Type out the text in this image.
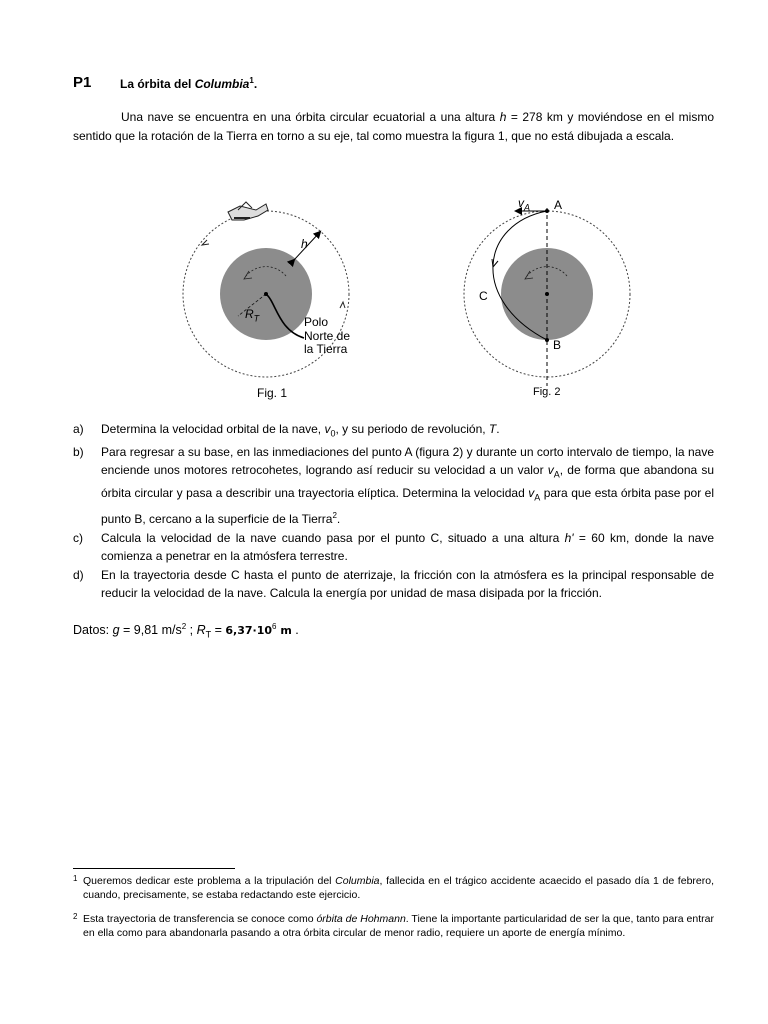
P1 La órbita del Columbia$^1$.
Una nave se encuentra en una órbita circular ecuatorial a una altura h = 278 km y moviéndose en el mismo sentido que la rotación de la Tierra en torno a su eje, tal como muestra la figura 1, que no está dibujada a escala.
h
$R_T$	Polo
Norte de
la Tierra
Fig. 1
$v_A$ A
C
B
Fig. 2
a) Determina la velocidad orbital de la nave, $v_0$, y su periodo de revolución, T.
b) Para regresar a su base, en las inmediaciones del punto A (figura 2) y durante un corto intervalo de tiempo, la nave enciende unos motores retrocohetes, logrando así reducir su velocidad a un valor $v_A$, de forma que abandona su órbita circular y pasa a describir una trayectoria elíptica. Determina la velocidad $v_A$ para que esta órbita pase por el punto B, cercano a la superficie de la Tierra$^2$.
c) Calcula la velocidad de la nave cuando pasa por el punto C, situado a una altura h' = 60 km, donde la nave comienza a penetrar en la atmósfera terrestre.
d) En la trayectoria desde C hasta el punto de aterrizaje, la fricción con la atmósfera es la principal responsable de reducir la velocidad de la nave. Calcula la energía por unidad de masa disipada por la fricción.
Datos: g = 9,81 $m/s^2$ ; $R_T = 6,37\cdot 10^6$ m .
1 Queremos dedicar este problema a la tripulación del Columbia, fallecida en el trágico accidente acaecido el pasado día 1 de febrero, cuando, precisamente, se estaba redactando este ejercicio.
2 Esta trayectoria de transferencia se conoce como órbita de Hohmann. Tiene la importante particularidad de ser la que, tanto para entrar en ella como para abandonarla pasando a otra órbita circular de menor radio, requiere un aporte de energía mínimo.
